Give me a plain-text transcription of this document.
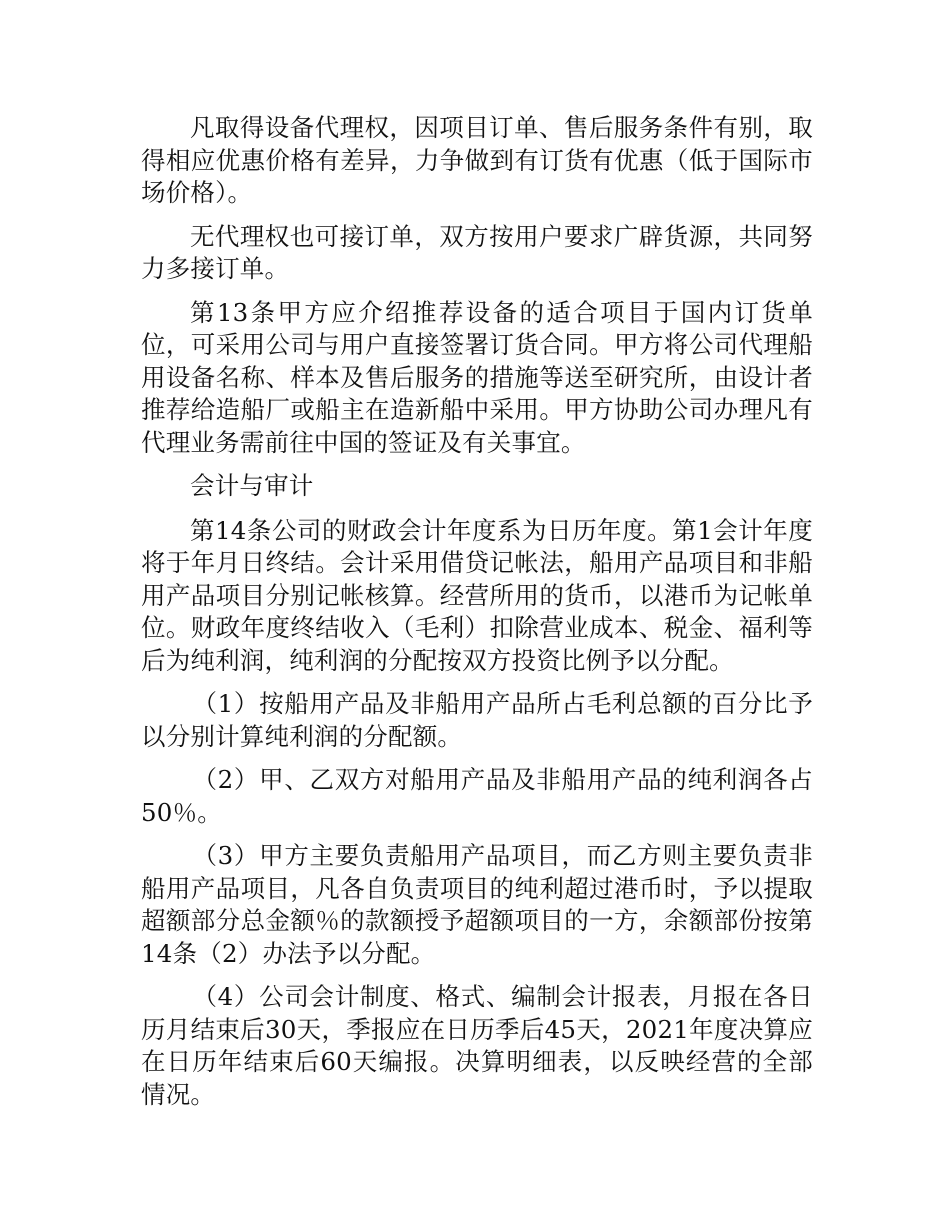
凡取得设备代理权，因项目订单、售后服务条件有别，取得相应优惠价格有差异，力争做到有订货有优惠（低于国际市场价格）。

无代理权也可接订单，双方按用户要求广辟货源，共同努力多接订单。

第13条甲方应介绍推荐设备的适合项目于国内订货单位，可采用公司与用户直接签署订货合同。甲方将公司代理船用设备名称、样本及售后服务的措施等送至研究所，由设计者推荐给造船厂或船主在造新船中采用。甲方协助公司办理凡有代理业务需前往中国的签证及有关事宜。

会计与审计

第14条公司的财政会计年度系为日历年度。第1会计年度将于年月日终结。会计采用借贷记帐法，船用产品项目和非船用产品项目分别记帐核算。经营所用的货币，以港币为记帐单位。财政年度终结收入（毛利）扣除营业成本、税金、福利等后为纯利润，纯利润的分配按双方投资比例予以分配。

（1）按船用产品及非船用产品所占毛利总额的百分比予以分别计算纯利润的分配额。

（2）甲、乙双方对船用产品及非船用产品的纯利润各占50％。

（3）甲方主要负责船用产品项目，而乙方则主要负责非船用产品项目，凡各自负责项目的纯利超过港币时，予以提取超额部分总金额％的款额授予超额项目的一方，余额部份按第14条（2）办法予以分配。

（4）公司会计制度、格式、编制会计报表，月报在各日历月结束后30天，季报应在日历季后45天，2021年度决算应在日历年结束后60天编报。决算明细表，以反映经营的全部情况。
